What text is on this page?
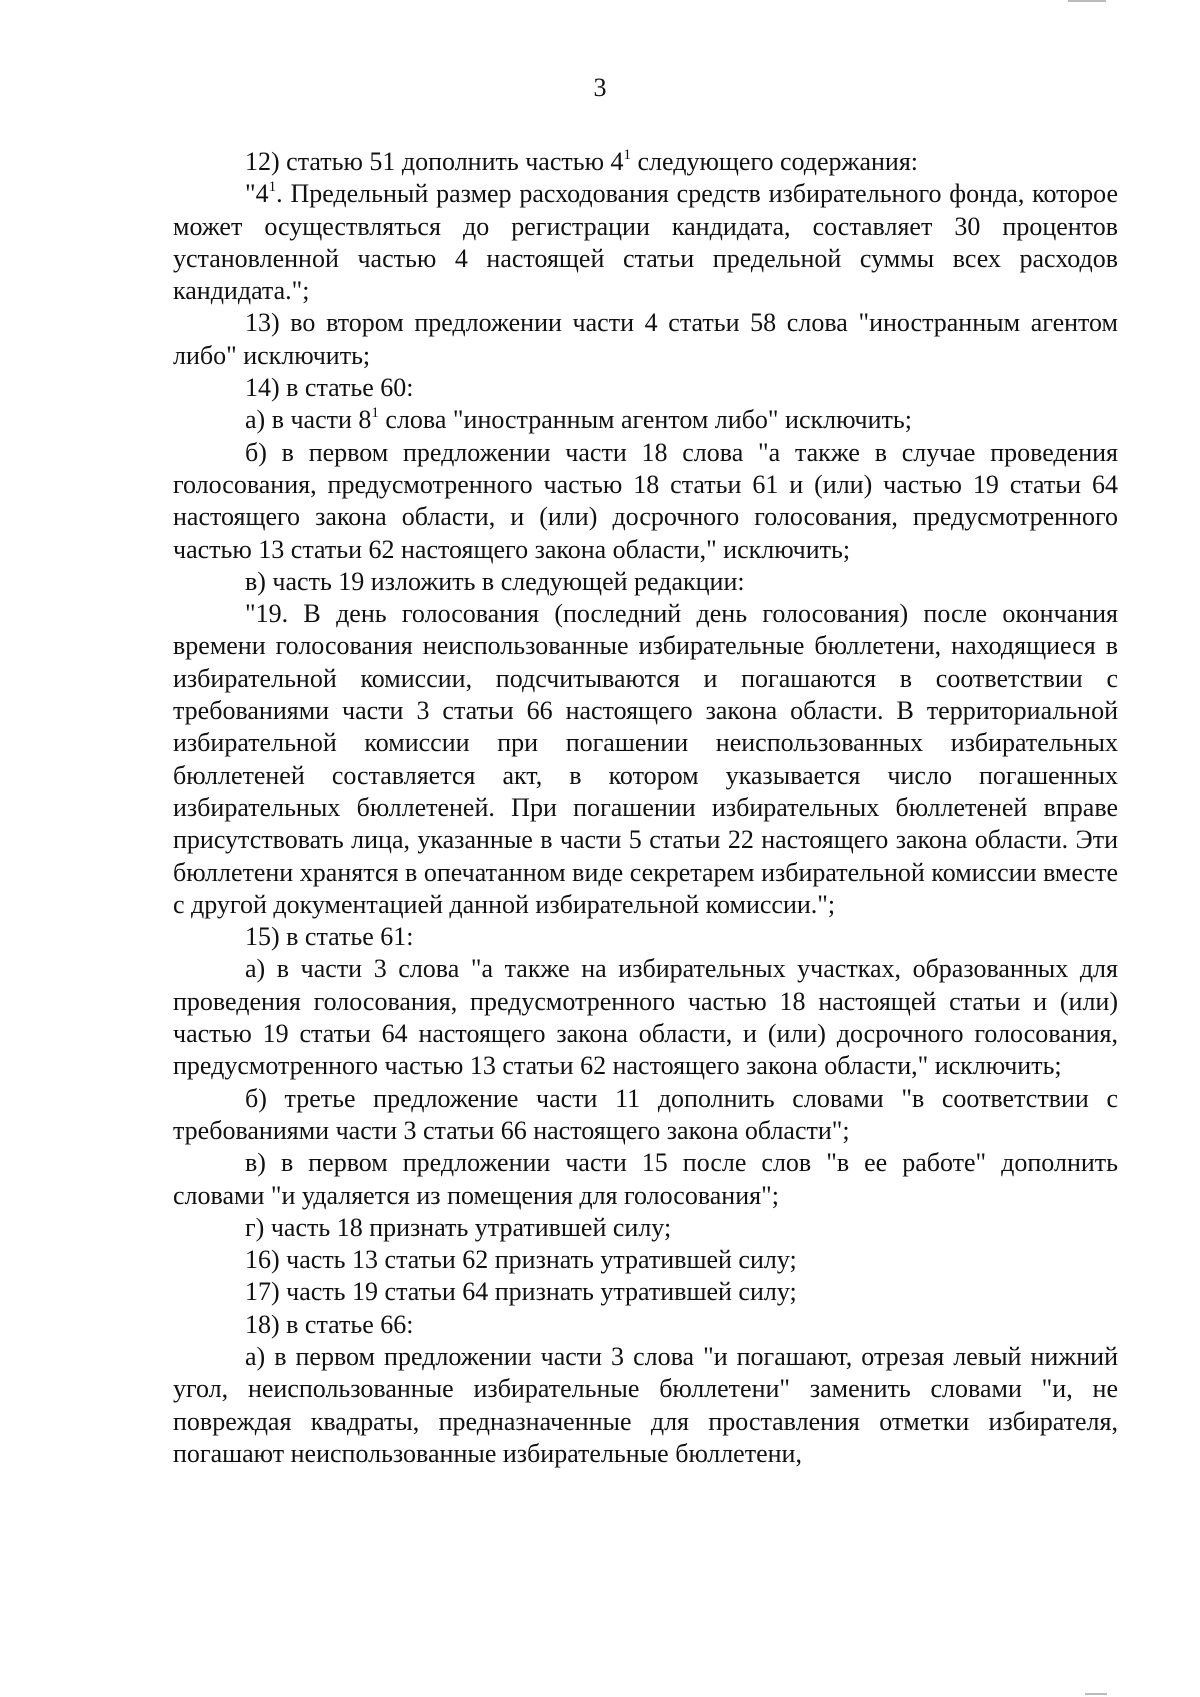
3

12) статью 51 дополнить частью $4^1$ следующего содержания:

"$4^1$. Предельный размер расходования средств избирательного фонда, которое может осуществляться до регистрации кандидата, составляет 30 процентов установленной частью 4 настоящей статьи предельной суммы всех расходов кандидата.";

13) во втором предложении части 4 статьи 58 слова "иностранным агентом либо" исключить;

14) в статье 60:

а) в части $8^1$ слова "иностранным агентом либо" исключить;

б) в первом предложении части 18 слова "а также в случае проведения голосования, предусмотренного частью 18 статьи 61 и (или) частью 19 статьи 64 настоящего закона области, и (или) досрочного голосования, предусмотренного частью 13 статьи 62 настоящего закона области," исключить;

в) часть 19 изложить в следующей редакции:

"19. В день голосования (последний день голосования) после окончания времени голосования неиспользованные избирательные бюллетени, находящиеся в избирательной комиссии, подсчитываются и погашаются в соответствии с требованиями части 3 статьи 66 настоящего закона области. В территориальной избирательной комиссии при погашении неиспользованных избирательных бюллетеней составляется акт, в котором указывается число погашенных избирательных бюллетеней. При погашении избирательных бюллетеней вправе присутствовать лица, указанные в части 5 статьи 22 настоящего закона области. Эти бюллетени хранятся в опечатанном виде секретарем избирательной комиссии вместе с другой документацией данной избирательной комиссии.";

15) в статье 61:

а) в части 3 слова "а также на избирательных участках, образованных для проведения голосования, предусмотренного частью 18 настоящей статьи и (или) частью 19 статьи 64 настоящего закона области, и (или) досрочного голосования, предусмотренного частью 13 статьи 62 настоящего закона области," исключить;

б) третье предложение части 11 дополнить словами "в соответствии с требованиями части 3 статьи 66 настоящего закона области";

в) в первом предложении части 15 после слов "в ее работе" дополнить словами "и удаляется из помещения для голосования";

г) часть 18 признать утратившей силу;

16) часть 13 статьи 62 признать утратившей силу;

17) часть 19 статьи 64 признать утратившей силу;

18) в статье 66:

а) в первом предложении части 3 слова "и погашают, отрезая левый нижний угол, неиспользованные избирательные бюллетени" заменить словами "и, не повреждая квадраты, предназначенные для проставления отметки избирателя, погашают неиспользованные избирательные бюллетени,
